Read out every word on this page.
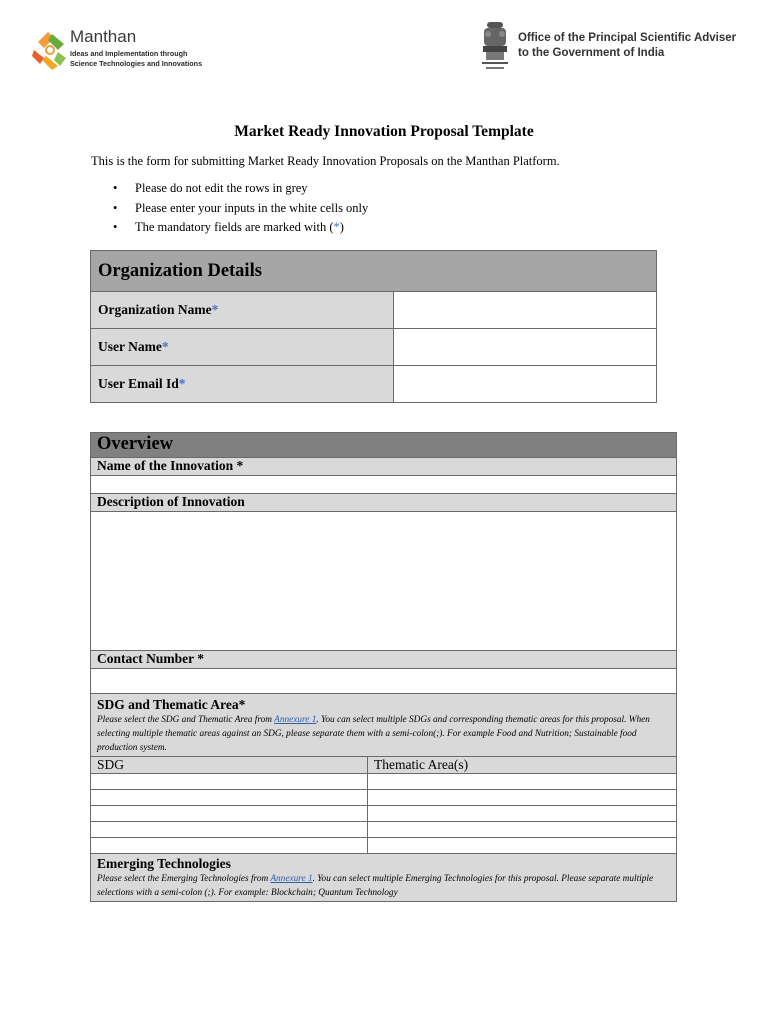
Manthan
Ideas and Implementation through
Science Technologies and Innovations
Office of the Principal Scientific Adviser
to the Government of India
Market Ready Innovation Proposal Template
This is the form for submitting Market Ready Innovation Proposals on the Manthan Platform.
• Please do not edit the rows in grey
• Please enter your inputs in the white cells only
• The mandatory fields are marked with (*)
Organization Details	
Organization Name*	
User Name*	
User Email Id*	
Overview	
Name of the Innovation *	

Description of Innovation	

Contact Number *	

SDG and Thematic Area*
Please select the SDG and Thematic Area from Annexure 1. You can select multiple SDGs and corresponding thematic areas for this proposal. When selecting multiple thematic areas against an SDG, please separate them with a semi-colon(;). For example Food and Nutrition; Sustainable food production system.	

SDG	Thematic Area(s)

Emerging Technologies
Please select the Emerging Technologies from Annexure 1. You can select multiple Emerging Technologies for this proposal. Please separate multiple selections with a semi-colon (;). For example: Blockchain; Quantum Technology	
